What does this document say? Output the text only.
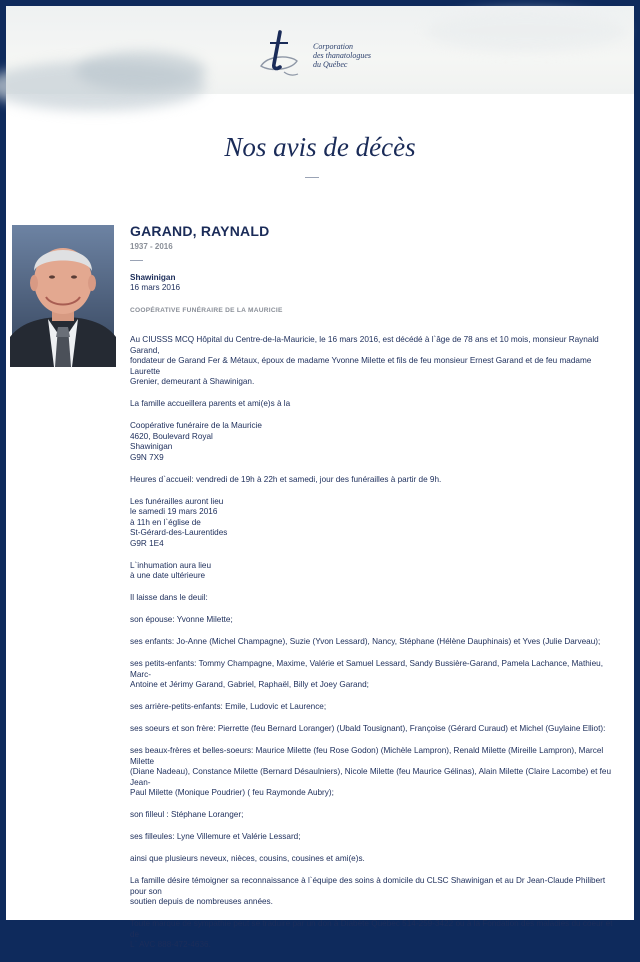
Corporation
des thanatologues
du Québec
Nos avis de décès
GARAND, RAYNALD
1937 - 2016
Shawinigan
16 mars 2016
COOPÉRATIVE FUNÉRAIRE DE LA MAURICIE

Au CIUSSS MCQ Hôpital du Centre-de-la-Mauricie, le 16 mars 2016, est décédé à l`âge de 78 ans et 10 mois, monsieur Raynald Garand,
fondateur de Garand Fer & Métaux, époux de madame Yvonne Milette et fils de feu monsieur Ernest Garand et de feu madame Laurette
Grenier, demeurant à Shawinigan.

La famille accueillera parents et ami(e)s à la

Coopérative funéraire de la Mauricie
4620, Boulevard Royal
Shawinigan
G9N 7X9

Heures d`accueil: vendredi de 19h à 22h et samedi, jour des funérailles à partir de 9h.

Les funérailles auront lieu
le samedi 19 mars 2016
à 11h en l`église de
St-Gérard-des-Laurentides
G9R 1E4

L`inhumation aura lieu
à une date ultérieure

Il laisse dans le deuil:

son épouse: Yvonne Milette;

ses enfants: Jo-Anne (Michel Champagne), Suzie (Yvon Lessard), Nancy, Stéphane (Hélène Dauphinais) et Yves (Julie Darveau);

ses petits-enfants: Tommy Champagne, Maxime, Valérie et Samuel Lessard, Sandy Bussière-Garand, Pamela Lachance, Mathieu, Marc-
Antoine et Jérimy Garand, Gabriel, Raphaël, Billy et Joey Garand;

ses arrière-petits-enfants: Emile, Ludovic et Laurence;

ses soeurs et son frère: Pierrette (feu Bernard Loranger) (Ubald Tousignant), Françoise (Gérard Curaud) et Michel (Guylaine Elliot):

ses beaux-frères et belles-soeurs: Maurice Milette (feu Rose Godon) (Michèle Lampron), Renald Milette (Mireille Lampron), Marcel Milette
(Diane Nadeau), Constance Milette (Bernard Désaulniers), Nicole Milette (feu Maurice Gélinas), Alain Milette (Claire Lacombe) et feu Jean-
Paul Milette (Monique Poudrier) ( feu Raymonde Aubry);

son filleul : Stéphane Loranger;

ses filleules: Lyne Villemure et Valérie Lessard;

ainsi que plusieurs neveux, nièces, cousins, cousines et ami(e)s.

La famille désire témoigner sa reconnaissance à l`équipe des soins à domicile du CLSC Shawinigan et au Dr Jean-Claude Philibert pour son
soutien depuis de nombreuses années.

Toute marque de sympathie peut se traduire par un don à Diabète Québec 514-259-3422 ou à la Fondation des maladies du coeur et de
L` AVC 888-472-4636.
